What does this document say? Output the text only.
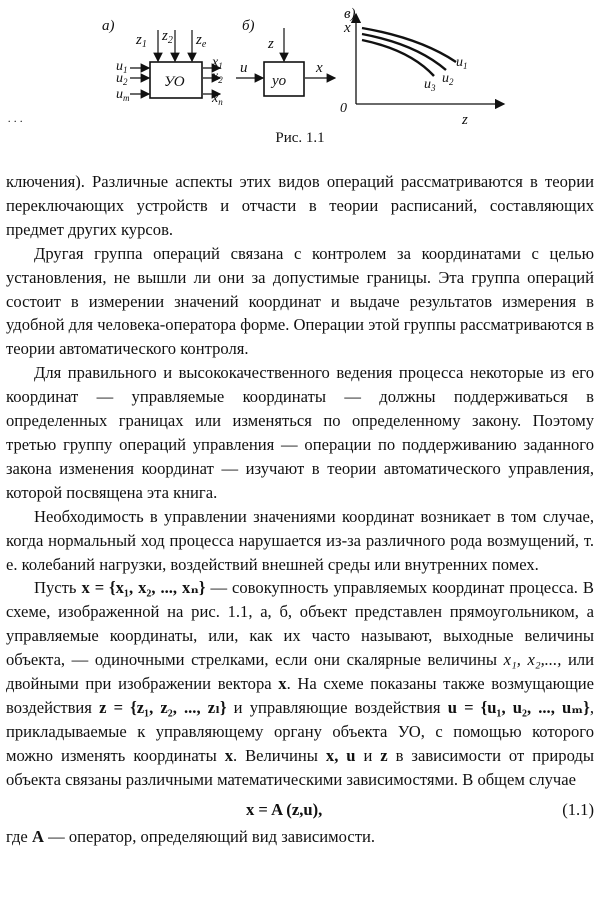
a)
УО
$z_1$
$z_2$ $z_e$
$u_1$
$u_2$
$u_m$
$x_1$
$x_2$
$x_n$
. . .
б)
уо
z
u	x
в)
x
z
0
$u_1$
$u_2$
$u_3$
Рис. 1.1

ключения). Различные аспекты этих видов операций рассматриваются в теории переключающих устройств и отчасти в теории расписаний, составляющих предмет других курсов.

Другая группа операций связана с контролем за координатами с целью установления, не вышли ли они за допустимые границы. Эта группа операций состоит в измерении значений координат и выдаче результатов измерения в удобной для человека-оператора форме. Операции этой группы рассматриваются в теории автоматического контроля.

Для правильного и высококачественного ведения процесса некоторые из его координат — управляемые координаты — должны поддерживаться в определенных границах или изменяться по определенному закону. Поэтому третью группу операций управления — операции по поддерживанию заданного закона изменения координат — изучают в теории автоматического управления, которой посвящена эта книга.

Необходимость в управлении значениями координат возникает в том случае, когда нормальный ход процесса нарушается из-за различного рода возмущений, т. е. колебаний нагрузки, воздействий внешней среды или внутренних помех.

Пусть x = {x₁, x₂, ..., xₙ} — совокупность управляемых координат процесса. В схеме, изображенной на рис. 1.1, а, б, объект представлен прямоугольником, а управляемые координаты, или, как их часто называют, выходные величины объекта, — одиночными стрелками, если они скалярные величины x₁, x₂,..., или двойными при изображении вектора x. На схеме показаны также возмущающие воздействия z = {z₁, z₂, ..., zₗ} и управляющие воздействия u = {u₁, u₂, ..., uₘ}, прикладываемые к управляющему органу объекта УО, с помощью которого можно изменять координаты x. Величины x, u и z в зависимости от природы объекта связаны различными математическими зависимостями. В общем случае

x = A (z,u),	(1.1)

где A — оператор, определяющий вид зависимости.
